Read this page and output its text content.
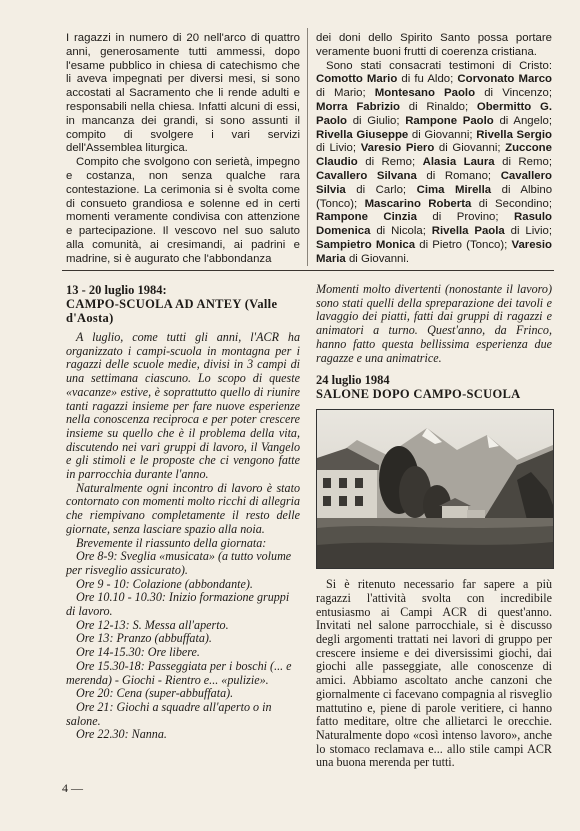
I ragazzi in numero di 20 nell'arco di quattro anni, generosamente tutti ammessi, dopo l'esame pubblico in chiesa di catechismo che li aveva impegnati per diversi mesi, si sono accostati al Sacramento che li rende adulti e responsabili nella chiesa. Infatti alcuni di essi, in mancanza dei grandi, si sono assunti il compito di svolgere i vari servizi dell'Assemblea liturgica.

Compito che svolgono con serietà, impegno e costanza, non senza qualche rara contestazione. La cerimonia si è svolta come di consueto grandiosa e solenne ed in certi momenti veramente condivisa con attenzione e partecipazione. Il vescovo nel suo saluto alla comunità, ai cresimandi, ai padrini e madrine, si è augurato che l'abbondanza

dei doni dello Spirito Santo possa portare veramente buoni frutti di coerenza cristiana.

Sono stati consacrati testimoni di Cristo: Comotto Mario di fu Aldo; Corvonato Marco di Mario; Montesano Paolo di Vincenzo; Morra Fabrizio di Rinaldo; Obermitto G. Paolo di Giulio; Rampone Paolo di Angelo; Rivella Giuseppe di Giovanni; Rivella Sergio di Livio; Varesio Piero di Giovanni; Zuccone Claudio di Remo; Alasia Laura di Remo; Cavallero Silvana di Romano; Cavallero Silvia di Carlo; Cima Mirella di Albino (Tonco); Mascarino Roberta di Secondino; Rampone Cinzia di Provino; Rasulo Domenica di Nicola; Rivella Paola di Livio; Sampietro Monica di Pietro (Tonco); Varesio Maria di Giovanni.

13 - 20 luglio 1984:
CAMPO-SCUOLA AD ANTEY (Valle d'Aosta)

A luglio, come tutti gli anni, l'ACR ha organizzato i campi-scuola in montagna per i ragazzi delle scuole medie, divisi in 3 campi di una settimana ciascuno. Lo scopo di queste «vacanze» estive, è soprattutto quello di riunire tanti ragazzi insieme per fare nuove esperienze nella conoscenza reciproca e per poter crescere insieme su quello che è il problema della vita, discutendo nei vari gruppi di lavoro, il Vangelo e gli stimoli e le proposte che ci vengono fatte in parrocchia durante l'anno.

Naturalmente ogni incontro di lavoro è stato contornato con momenti molto ricchi di allegria che riempivano completamente il resto delle giornate, senza lasciare spazio alla noia.

Brevemente il riassunto della giornata:

Ore 8-9: Sveglia «musicata» (a tutto volume per risveglio assicurato).
Ore 9 - 10: Colazione (abbondante).
Ore 10.10 - 10.30: Inizio formazione gruppi di lavoro.
Ore 12-13: S. Messa all'aperto.
Ore 13: Pranzo (abbuffata).
Ore 14-15.30: Ore libere.
Ore 15.30-18: Passeggiata per i boschi (... e merenda) - Giochi - Rientro e... «pulizie».
Ore 20: Cena (super-abbuffata).
Ore 21: Giochi a squadre all'aperto o in salone.
Ore 22.30: Nanna.

Momenti molto divertenti (nonostante il lavoro) sono stati quelli della spreparazione dei tavoli e lavaggio dei piatti, fatti dai gruppi di ragazzi e animatori a turno. Quest'anno, da Frinco, hanno fatto questa bellissima esperienza due ragazze e una animatrice.

24 luglio 1984
SALONE DOPO CAMPO-SCUOLA

Si è ritenuto necessario far sapere a più ragazzi l'attività svolta con incredibile entusiasmo ai Campi ACR di quest'anno. Invitati nel salone parrocchiale, si è discusso degli argomenti trattati nei lavori di gruppo per crescere insieme e dei diversissimi giochi, dai giochi alle passeggiate, alle conoscenze di amici. Abbiamo ascoltato anche canzoni che giornalmente ci facevano compagnia al risveglio mattutino e, piene di parole veritiere, ci hanno fatto meditare, oltre che allietarci le orecchie. Naturalmente dopo «così intenso lavoro», anche lo stomaco reclamava e... allo stile campi ACR una buona merenda per tutti.

4 —
